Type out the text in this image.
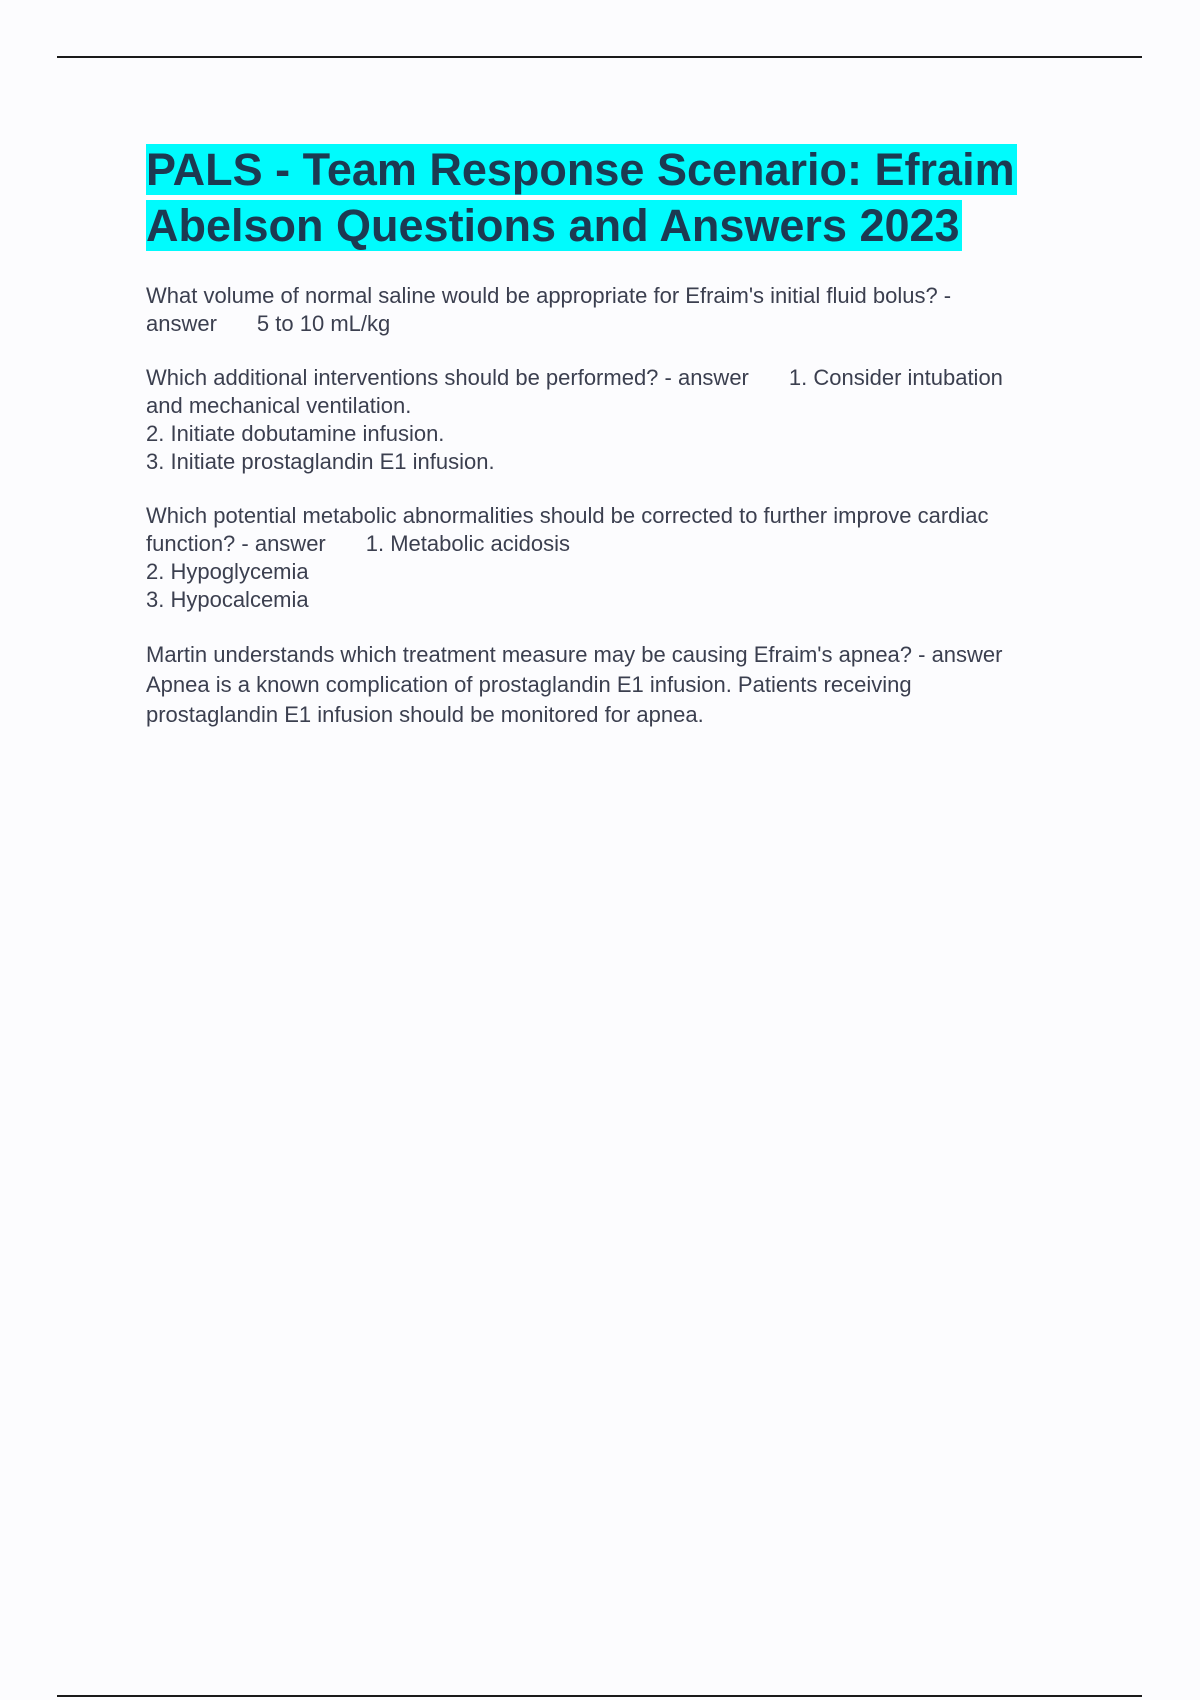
PALS - Team Response Scenario: Efraim
Abelson Questions and Answers 2023

What volume of normal saline would be appropriate for Efraim's initial fluid bolus? -
answer 5 to 10 mL/kg

Which additional interventions should be performed? - answer 1. Consider intubation
and mechanical ventilation.
2. Initiate dobutamine infusion.
3. Initiate prostaglandin E1 infusion.

Which potential metabolic abnormalities should be corrected to further improve cardiac
function? - answer 1. Metabolic acidosis
2. Hypoglycemia
3. Hypocalcemia

Martin understands which treatment measure may be causing Efraim's apnea? - answer
Apnea is a known complication of prostaglandin E1 infusion. Patients receiving
prostaglandin E1 infusion should be monitored for apnea.
